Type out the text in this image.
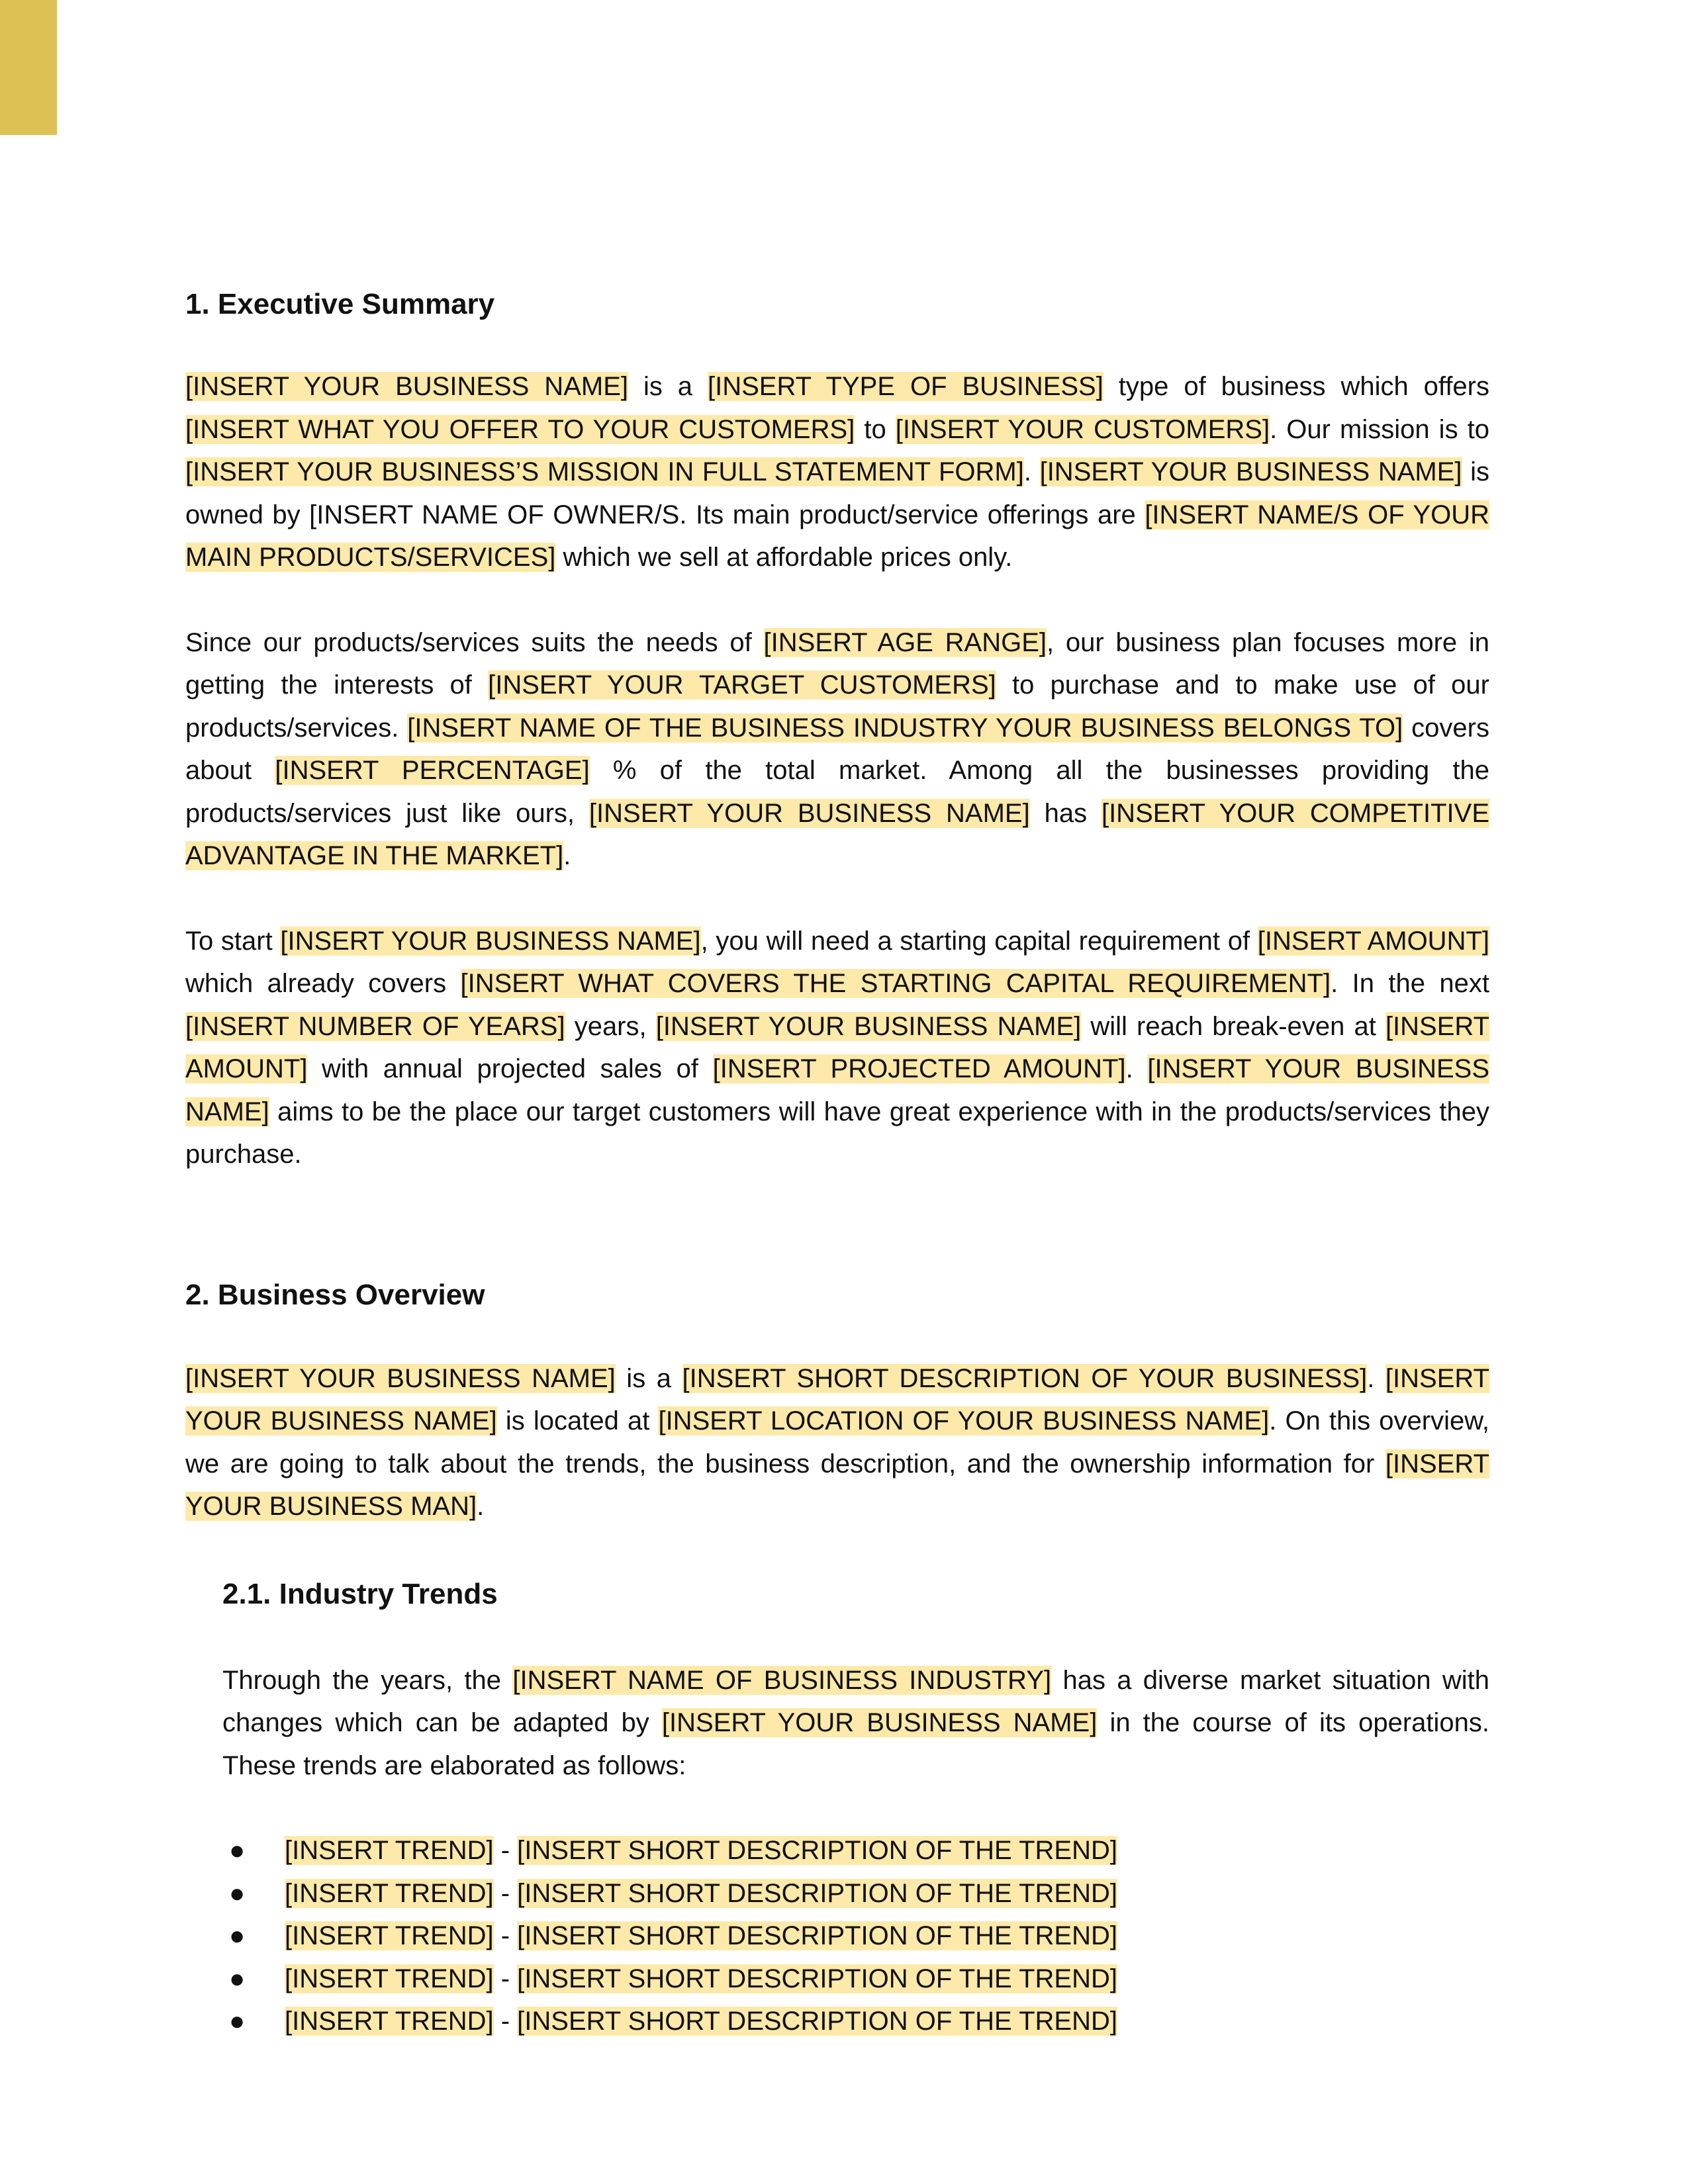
1. Executive Summary

[INSERT YOUR BUSINESS NAME] is a [INSERT TYPE OF BUSINESS] type of business which offers [INSERT WHAT YOU OFFER TO YOUR CUSTOMERS] to [INSERT YOUR CUSTOMERS]. Our mission is to [INSERT YOUR BUSINESS’S MISSION IN FULL STATEMENT FORM]. [INSERT YOUR BUSINESS NAME] is owned by [INSERT NAME OF OWNER/S. Its main product/service offerings are [INSERT NAME/S OF YOUR MAIN PRODUCTS/SERVICES] which we sell at affordable prices only.

Since our products/services suits the needs of [INSERT AGE RANGE], our business plan focuses more in getting the interests of [INSERT YOUR TARGET CUSTOMERS] to purchase and to make use of our products/services. [INSERT NAME OF THE BUSINESS INDUSTRY YOUR BUSINESS BELONGS TO] covers about [INSERT PERCENTAGE] % of the total market. Among all the businesses providing the products/services just like ours, [INSERT YOUR BUSINESS NAME] has [INSERT YOUR COMPETITIVE ADVANTAGE IN THE MARKET].

To start [INSERT YOUR BUSINESS NAME], you will need a starting capital requirement of [INSERT AMOUNT] which already covers [INSERT WHAT COVERS THE STARTING CAPITAL REQUIREMENT]. In the next [INSERT NUMBER OF YEARS] years, [INSERT YOUR BUSINESS NAME] will reach break-even at [INSERT AMOUNT] with annual projected sales of [INSERT PROJECTED AMOUNT]. [INSERT YOUR BUSINESS NAME] aims to be the place our target customers will have great experience with in the products/services they purchase.

2. Business Overview

[INSERT YOUR BUSINESS NAME] is a [INSERT SHORT DESCRIPTION OF YOUR BUSINESS]. [INSERT YOUR BUSINESS NAME] is located at [INSERT LOCATION OF YOUR BUSINESS NAME]. On this overview, we are going to talk about the trends, the business description, and the ownership information for [INSERT YOUR BUSINESS MAN].

2.1. Industry Trends

Through the years, the [INSERT NAME OF BUSINESS INDUSTRY] has a diverse market situation with changes which can be adapted by [INSERT YOUR BUSINESS NAME] in the course of its operations. These trends are elaborated as follows:

● [INSERT TREND] - [INSERT SHORT DESCRIPTION OF THE TREND]
● [INSERT TREND] - [INSERT SHORT DESCRIPTION OF THE TREND]
● [INSERT TREND] - [INSERT SHORT DESCRIPTION OF THE TREND]
● [INSERT TREND] - [INSERT SHORT DESCRIPTION OF THE TREND]
● [INSERT TREND] - [INSERT SHORT DESCRIPTION OF THE TREND]
